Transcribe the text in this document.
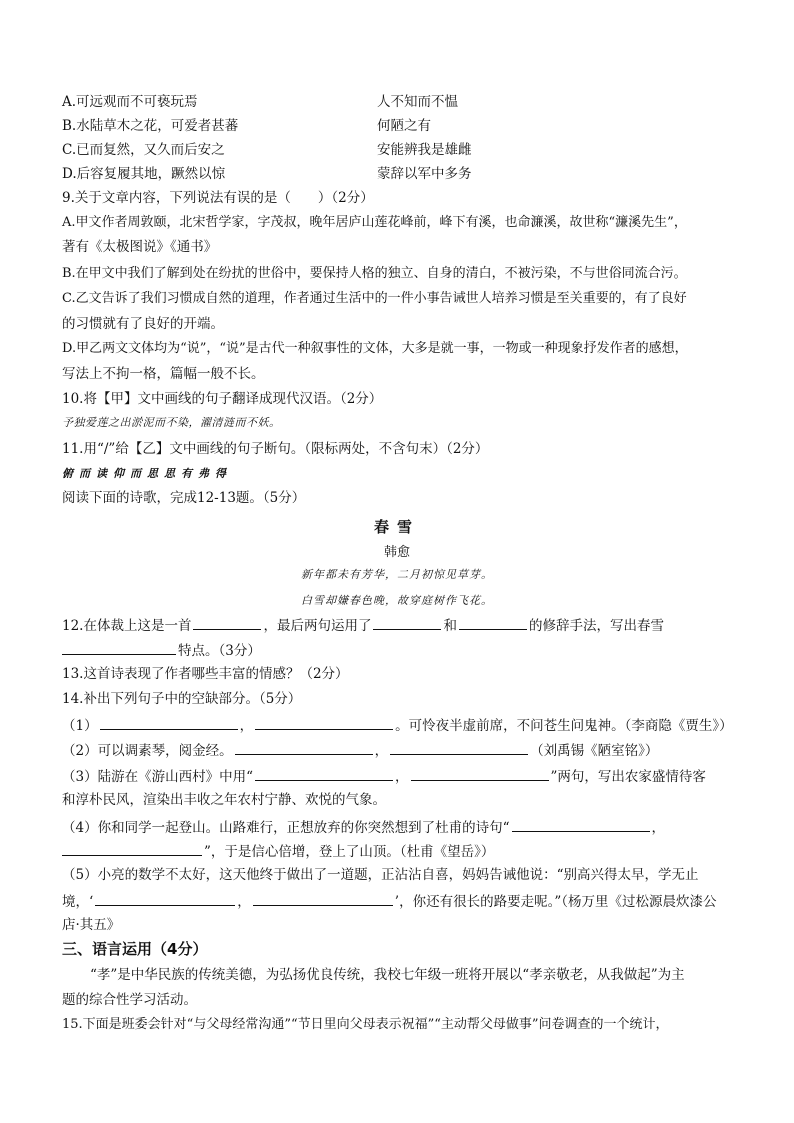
A.可远观而不可亵玩焉	人不知而不愠
B.水陆草木之花，可爱者甚蕃	何陋之有
C.已而复然，又久而后安之	安能辨我是雄雌
D.后容复履其地，蹶然以惊	蒙辞以军中多务
9.关于文章内容，下列说法有误的是（　　）（2分）
A.甲文作者周敦颐，北宋哲学家，字茂叔，晚年居庐山莲花峰前，峰下有溪，也命濂溪，故世称“濂溪先生”，
著有《太极图说》《通书》
B.在甲文中我们了解到处在纷扰的世俗中，要保持人格的独立、自身的清白，不被污染，不与世俗同流合污。
C.乙文告诉了我们习惯成自然的道理，作者通过生活中的一件小事告诫世人培养习惯是至关重要的，有了良好
的习惯就有了良好的开端。
D.甲乙两文文体均为“说”，“说”是古代一种叙事性的文体，大多是就一事，一物或一种现象抒发作者的感想，
写法上不拘一格，篇幅一般不长。
10.将【甲】文中画线的句子翻译成现代汉语。（2分）
予独爱莲之出淤泥而不染，濯清涟而不妖。
11.用“/”给【乙】文中画线的句子断句。（限标两处，不含句末）（2分）
俯而读仰而思思有弗得
阅读下面的诗歌，完成12-13题。（5分）
春雪
韩愈
新年都未有芳华，二月初惊见草芽。
白雪却嫌春色晚，故穿庭树作飞花。
12.在体裁上这是一首	，最后两句运用了	和	的修辞手法，写出春雪
特点。（3分）
13.这首诗表现了作者哪些丰富的情感？（2分）
14.补出下列句子中的空缺部分。（5分）
（1）	，	。可怜夜半虚前席，不问苍生问鬼神。（李商隐《贾生》）
（2）可以调素琴，阅金经。	，	（刘禹锡《陋室铭》）
（3）陆游在《游山西村》中用“	，	”两句，写出农家盛情待客
和淳朴民风，渲染出丰收之年农村宁静、欢悦的气象。
（4）你和同学一起登山。山路难行，正想放弃的你突然想到了杜甫的诗句“	，
”，于是信心倍增，登上了山顶。（杜甫《望岳》）
（5）小亮的数学不太好，这天他终于做出了一道题，正沾沾自喜，妈妈告诫他说：“别高兴得太早，学无止
境，‘	，	’，你还有很长的路要走呢。”（杨万里《过松源晨炊漆公
店·其五》
三、语言运用（4分）
“孝”是中华民族的传统美德，为弘扬优良传统，我校七年级一班将开展以“孝亲敬老，从我做起”为主
题的综合性学习活动。
15.下面是班委会针对“与父母经常沟通”“节日里向父母表示祝福”“主动帮父母做事”问卷调查的一个统计，
